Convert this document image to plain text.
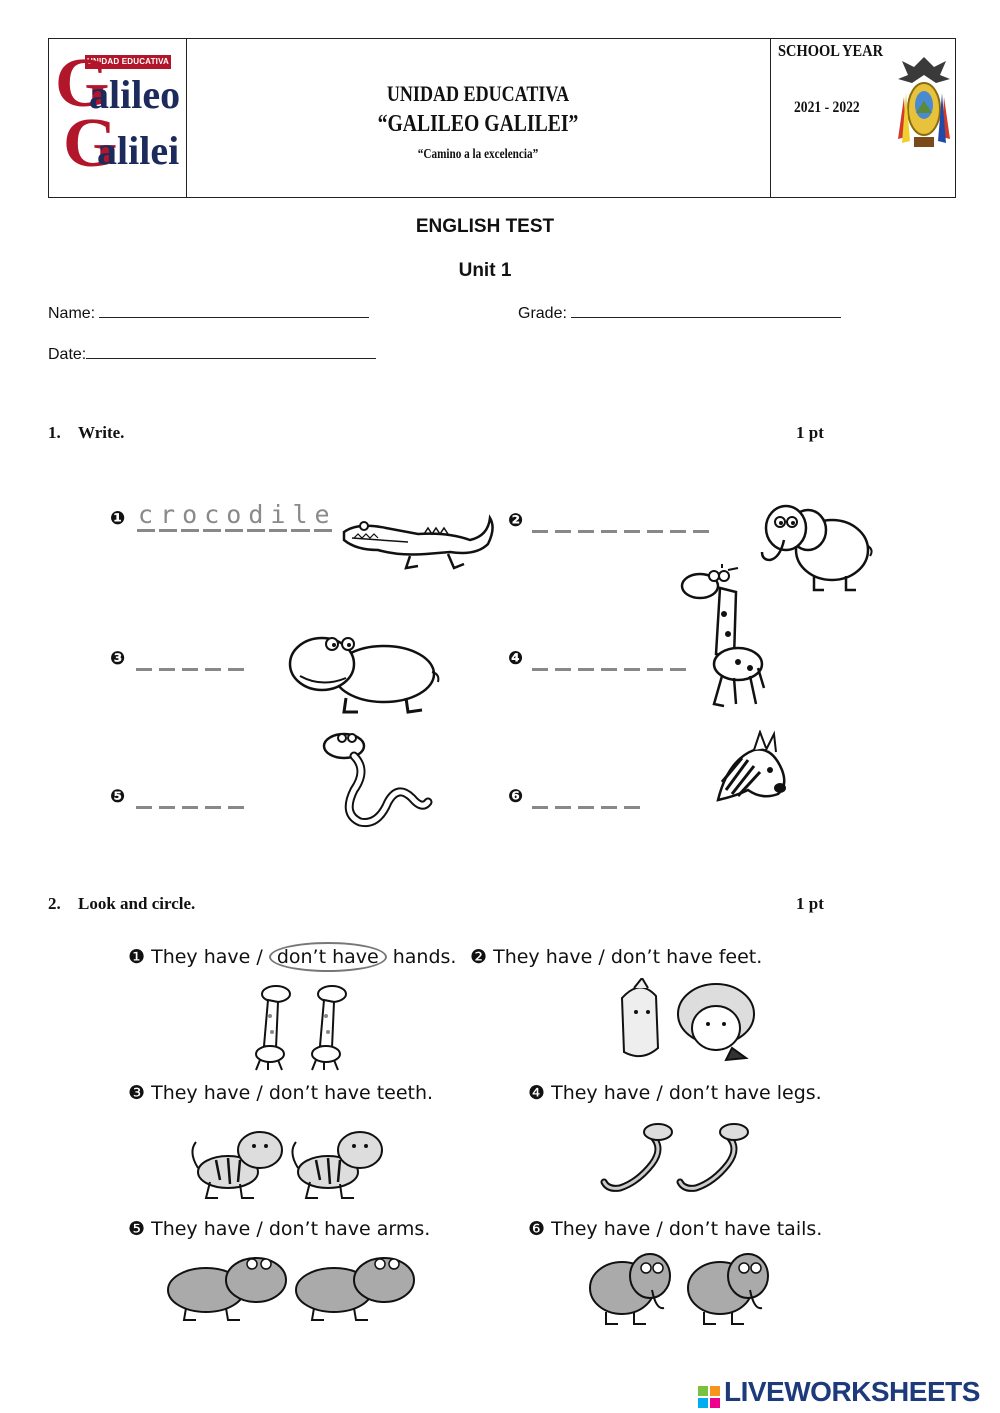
UNIDAD EDUCATIVA
G
alileo
G
alilei
UNIDAD EDUCATIVA
“GALILEO GALILEI”
“Camino a la excelencia”
SCHOOL YEAR
2021 - 2022
ENGLISH TEST
Unit 1
Name:	Grade:
Date:
1. Write.	1 pt
❶ c r o c o d i l e	❷
❸	❹
❺	❻
2. Look and circle.	1 pt
❶ They have / don’t have hands. ❷ They have / don’t have feet.
❸ They have / don’t have teeth.	❹ They have / don’t have legs.
❺ They have / don’t have arms.	❻ They have / don’t have tails.
LIVEWORKSHEETS
